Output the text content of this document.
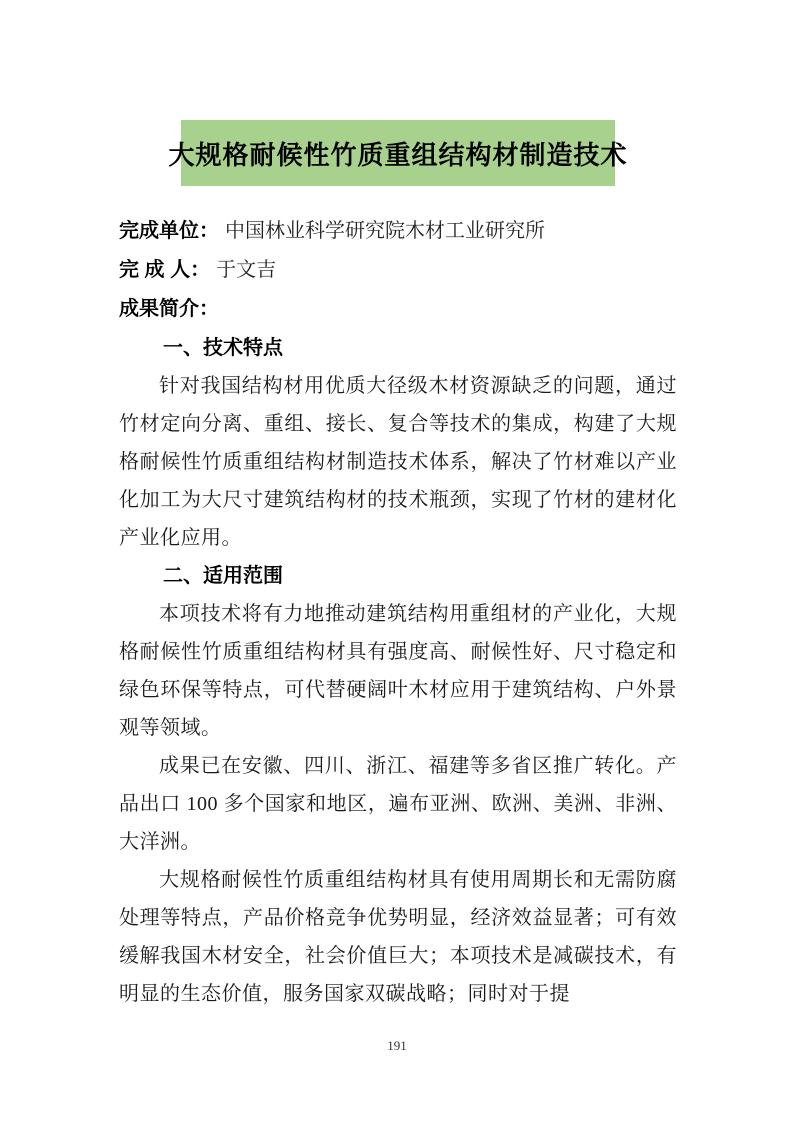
大规格耐候性竹质重组结构材制造技术
完成单位： 中国林业科学研究院木材工业研究所
完 成 人： 于文吉
成果简介：
一、技术特点

针对我国结构材用优质大径级木材资源缺乏的问题，通过竹材定向分离、重组、接长、复合等技术的集成，构建了大规格耐候性竹质重组结构材制造技术体系，解决了竹材难以产业化加工为大尺寸建筑结构材的技术瓶颈，实现了竹材的建材化产业化应用。

二、适用范围

本项技术将有力地推动建筑结构用重组材的产业化，大规格耐候性竹质重组结构材具有强度高、耐候性好、尺寸稳定和绿色环保等特点，可代替硬阔叶木材应用于建筑结构、户外景观等领域。

成果已在安徽、四川、浙江、福建等多省区推广转化。产品出口 100 多个国家和地区，遍布亚洲、欧洲、美洲、非洲、大洋洲。

大规格耐候性竹质重组结构材具有使用周期长和无需防腐处理等特点，产品价格竞争优势明显，经济效益显著；可有效缓解我国木材安全，社会价值巨大；本项技术是减碳技术，有明显的生态价值，服务国家双碳战略；同时对于提

191
